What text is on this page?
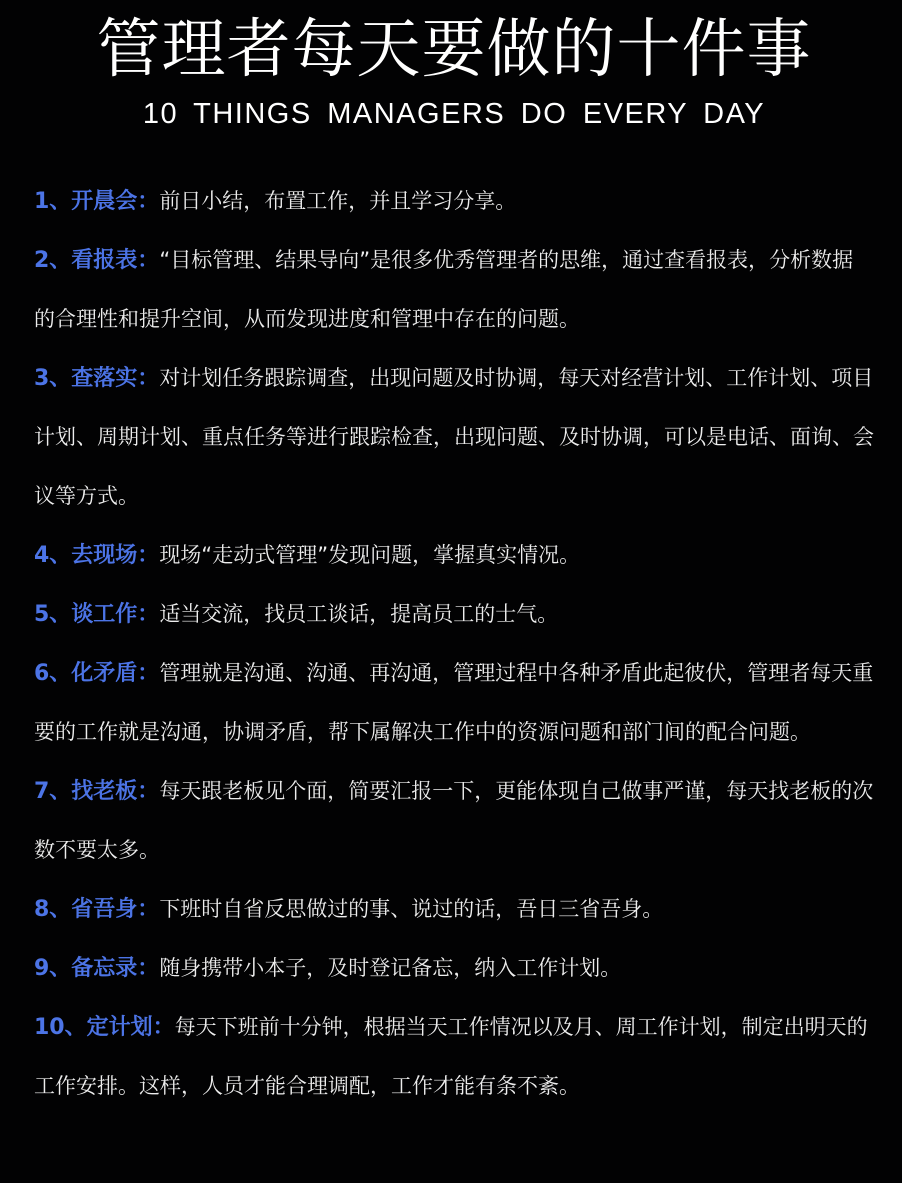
管理者每天要做的十件事
10 THINGS MANAGERS DO EVERY DAY
1、开晨会：前日小结，布置工作，并且学习分享。
2、看报表：“目标管理、结果导向”是很多优秀管理者的思维，通过查看报表，分析数据的合理性和提升空间，从而发现进度和管理中存在的问题。
3、查落实：对计划任务跟踪调查，出现问题及时协调，每天对经营计划、工作计划、项目计划、周期计划、重点任务等进行跟踪检查，出现问题、及时协调，可以是电话、面询、会议等方式。
4、去现场：现场“走动式管理”发现问题，掌握真实情况。
5、谈工作：适当交流，找员工谈话，提高员工的士气。
6、化矛盾：管理就是沟通、沟通、再沟通，管理过程中各种矛盾此起彼伏，管理者每天重要的工作就是沟通，协调矛盾，帮下属解决工作中的资源问题和部门间的配合问题。
7、找老板：每天跟老板见个面，简要汇报一下，更能体现自己做事严谨，每天找老板的次数不要太多。
8、省吾身：下班时自省反思做过的事、说过的话，吾日三省吾身。
9、备忘录：随身携带小本子，及时登记备忘，纳入工作计划。
10、定计划：每天下班前十分钟，根据当天工作情况以及月、周工作计划，制定出明天的工作安排。这样，人员才能合理调配，工作才能有条不紊。
